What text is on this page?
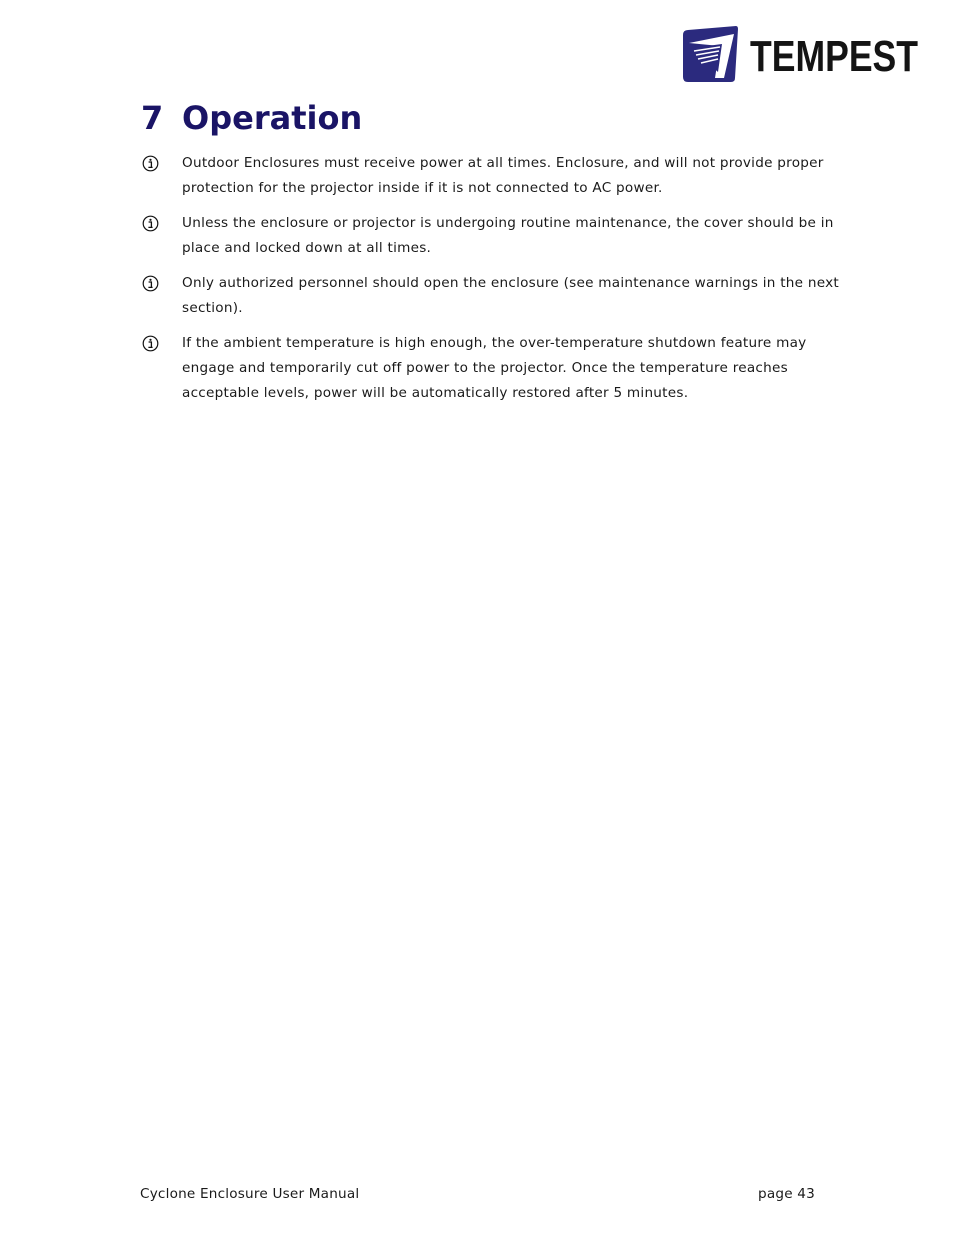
TEMPEST
7 Operation
Outdoor Enclosures must receive power at all times. Enclosure, and will not provide proper protection for the projector inside if it is not connected to AC power.
Unless the enclosure or projector is undergoing routine maintenance, the cover should be in place and locked down at all times.
Only authorized personnel should open the enclosure (see maintenance warnings in the next section).
If the ambient temperature is high enough, the over-temperature shutdown feature may engage and temporarily cut off power to the projector. Once the temperature reaches acceptable levels, power will be automatically restored after 5 minutes.
Cyclone Enclosure User Manual	page 43
